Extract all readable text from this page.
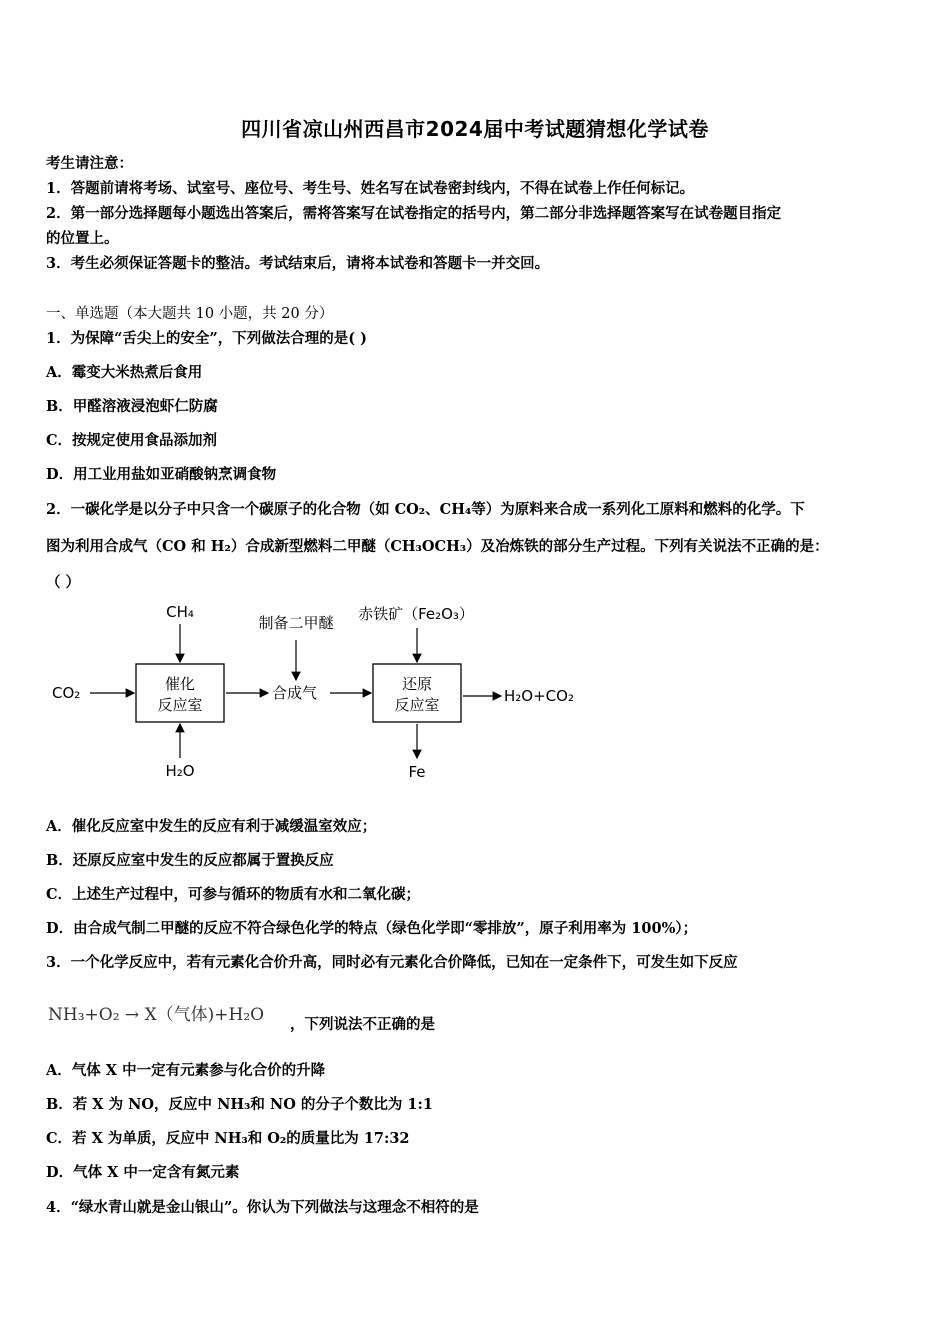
四川省凉山州西昌市2024届中考试题猜想化学试卷
考生请注意：
1．答题前请将考场、试室号、座位号、考生号、姓名写在试卷密封线内，不得在试卷上作任何标记。
2．第一部分选择题每小题选出答案后，需将答案写在试卷指定的括号内，第二部分非选择题答案写在试卷题目指定
的位置上。
3．考生必须保证答题卡的整洁。考试结束后，请将本试卷和答题卡一并交回。
一、单选题（本大题共 10 小题，共 20 分）
1．为保障“舌尖上的安全”，下列做法合理的是( )
A．霉变大米热煮后食用
B．甲醛溶液浸泡虾仁防腐
C．按规定使用食品添加剂
D．用工业用盐如亚硝酸钠烹调食物
2．一碳化学是以分子中只含一个碳原子的化合物（如 CO₂、CH₄等）为原料来合成一系列化工原料和燃料的化学。下
图为利用合成气（CO 和 H₂）合成新型燃料二甲醚（CH₃OCH₃）及冶炼铁的部分生产过程。下列有关说法不正确的是：
（ ）
催化
反应室
还原
反应室
CH₄
CO₂
H₂O
合成气
制备二甲醚 赤铁矿（Fe₂O₃）
H₂O+CO₂
Fe
A．催化反应室中发生的反应有利于减缓温室效应；
B．还原反应室中发生的反应都属于置换反应
C．上述生产过程中，可参与循环的物质有水和二氧化碳；
D．由合成气制二甲醚的反应不符合绿色化学的特点（绿色化学即“零排放”，原子利用率为 100%）；
3．一个化学反应中，若有元素化合价升高，同时必有元素化合价降低，已知在一定条件下，可发生如下反应
NH₃+O₂ → X（气体)+H₂O ，下列说法不正确的是
A．气体 X 中一定有元素参与化合价的升降
B．若 X 为 NO，反应中 NH₃和 NO 的分子个数比为 1:1
C．若 X 为单质，反应中 NH₃和 O₂的质量比为 17:32
D．气体 X 中一定含有氮元素
4．“绿水青山就是金山银山”。你认为下列做法与这理念不相符的是
